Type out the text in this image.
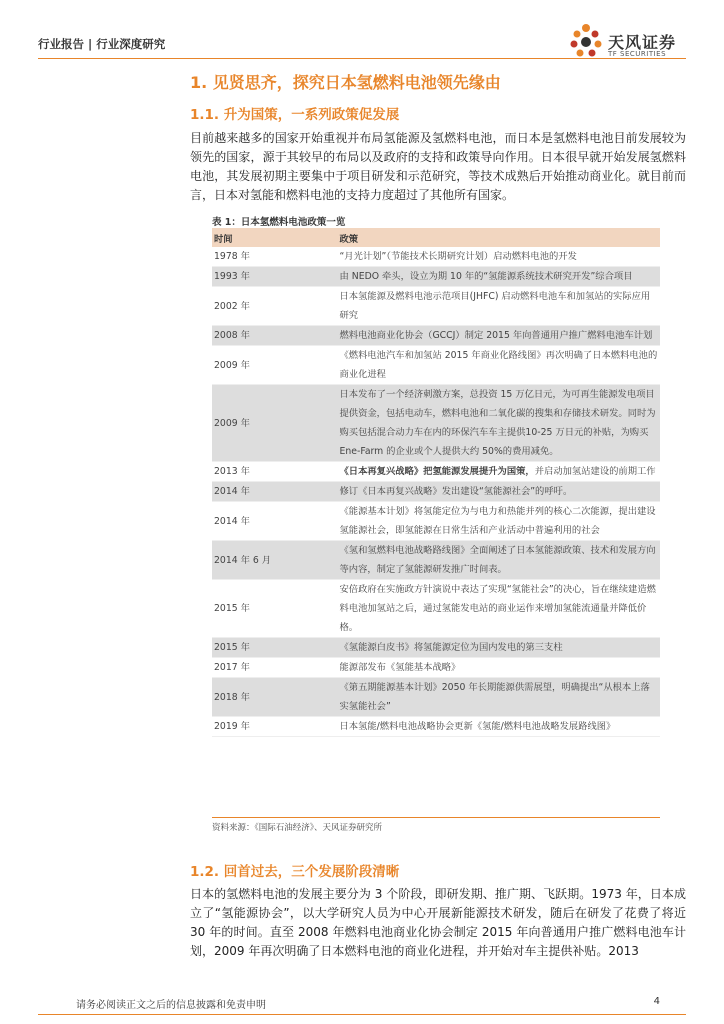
行业报告 | 行业深度研究	天风证券
TF SECURITIES
1. 见贤思齐，探究日本氢燃料电池领先缘由
1.1. 升为国策，一系列政策促发展
目前越来越多的国家开始重视并布局氢能源及氢燃料电池，而日本是氢燃料电池目前发展较为领先的国家，源于其较早的布局以及政府的支持和政策导向作用。日本很早就开始发展氢燃料电池，其发展初期主要集中于项目研发和示范研究，等技术成熟后开始推动商业化。就目前而言，日本对氢能和燃料电池的支持力度超过了其他所有国家。
表 1：日本氢燃料电池政策一览
时间	政策
1978 年	“月光计划”（节能技术长期研究计划）启动燃料电池的开发
1993 年	由 NEDO 牵头，设立为期 10 年的“氢能源系统技术研究开发”综合项目
2002 年	日本氢能源及燃料电池示范项目(JHFC) 启动燃料电池车和加氢站的实际应用研究
2008 年	燃料电池商业化协会（GCCJ）制定 2015 年向普通用户推广燃料电池车计划
2009 年	《燃料电池汽车和加氢站 2015 年商业化路线图》再次明确了日本燃料电池的商业化进程
2009 年	日本发布了一个经济刺激方案，总投资 15 万亿日元，为可再生能源发电项目提供资金，包括电动车，燃料电池和二氧化碳的搜集和存储技术研发。同时为购买包括混合动力车在内的环保汽车车主提供10-25 万日元的补贴，为购买 Ene-Farm 的企业或个人提供大约 50%的费用减免。
2013 年	《日本再复兴战略》把氢能源发展提升为国策，并启动加氢站建设的前期工作
2014 年	修订《日本再复兴战略》发出建设“氢能源社会”的呼吁。
2014 年	《能源基本计划》将氢能定位为与电力和热能并列的核心二次能源，提出建设氢能源社会，即氢能源在日常生活和产业活动中普遍利用的社会
2014 年 6 月	《氢和氢燃料电池战略路线图》全面阐述了日本氢能源政策、技术和发展方向等内容，制定了氢能源研发推广时间表。
2015 年	安倍政府在实施政方针演说中表达了实现“氢能社会”的决心，旨在继续建造燃料电池加氢站之后，通过氢能发电站的商业运作来增加氢能流通量并降低价格。
2015 年	《氢能源白皮书》将氢能源定位为国内发电的第三支柱
2017 年	能源部发布《氢能基本战略》
2018 年	《第五期能源基本计划》2050 年长期能源供需展望，明确提出“从根本上落实氢能社会”
2019 年	日本氢能/燃料电池战略协会更新《氢能/燃料电池战略发展路线图》
资料来源：《国际石油经济》、天风证券研究所
1.2. 回首过去，三个发展阶段清晰
日本的氢燃料电池的发展主要分为 3 个阶段，即研发期、推广期、飞跃期。1973 年，日本成立了“氢能源协会”，以大学研究人员为中心开展新能源技术研发，随后在研发了花费了将近 30 年的时间。直至 2008 年燃料电池商业化协会制定 2015 年向普通用户推广燃料电池车计划，2009 年再次明确了日本燃料电池的商业化进程，并开始对车主提供补贴。2013
请务必阅读正文之后的信息披露和免责申明	4
